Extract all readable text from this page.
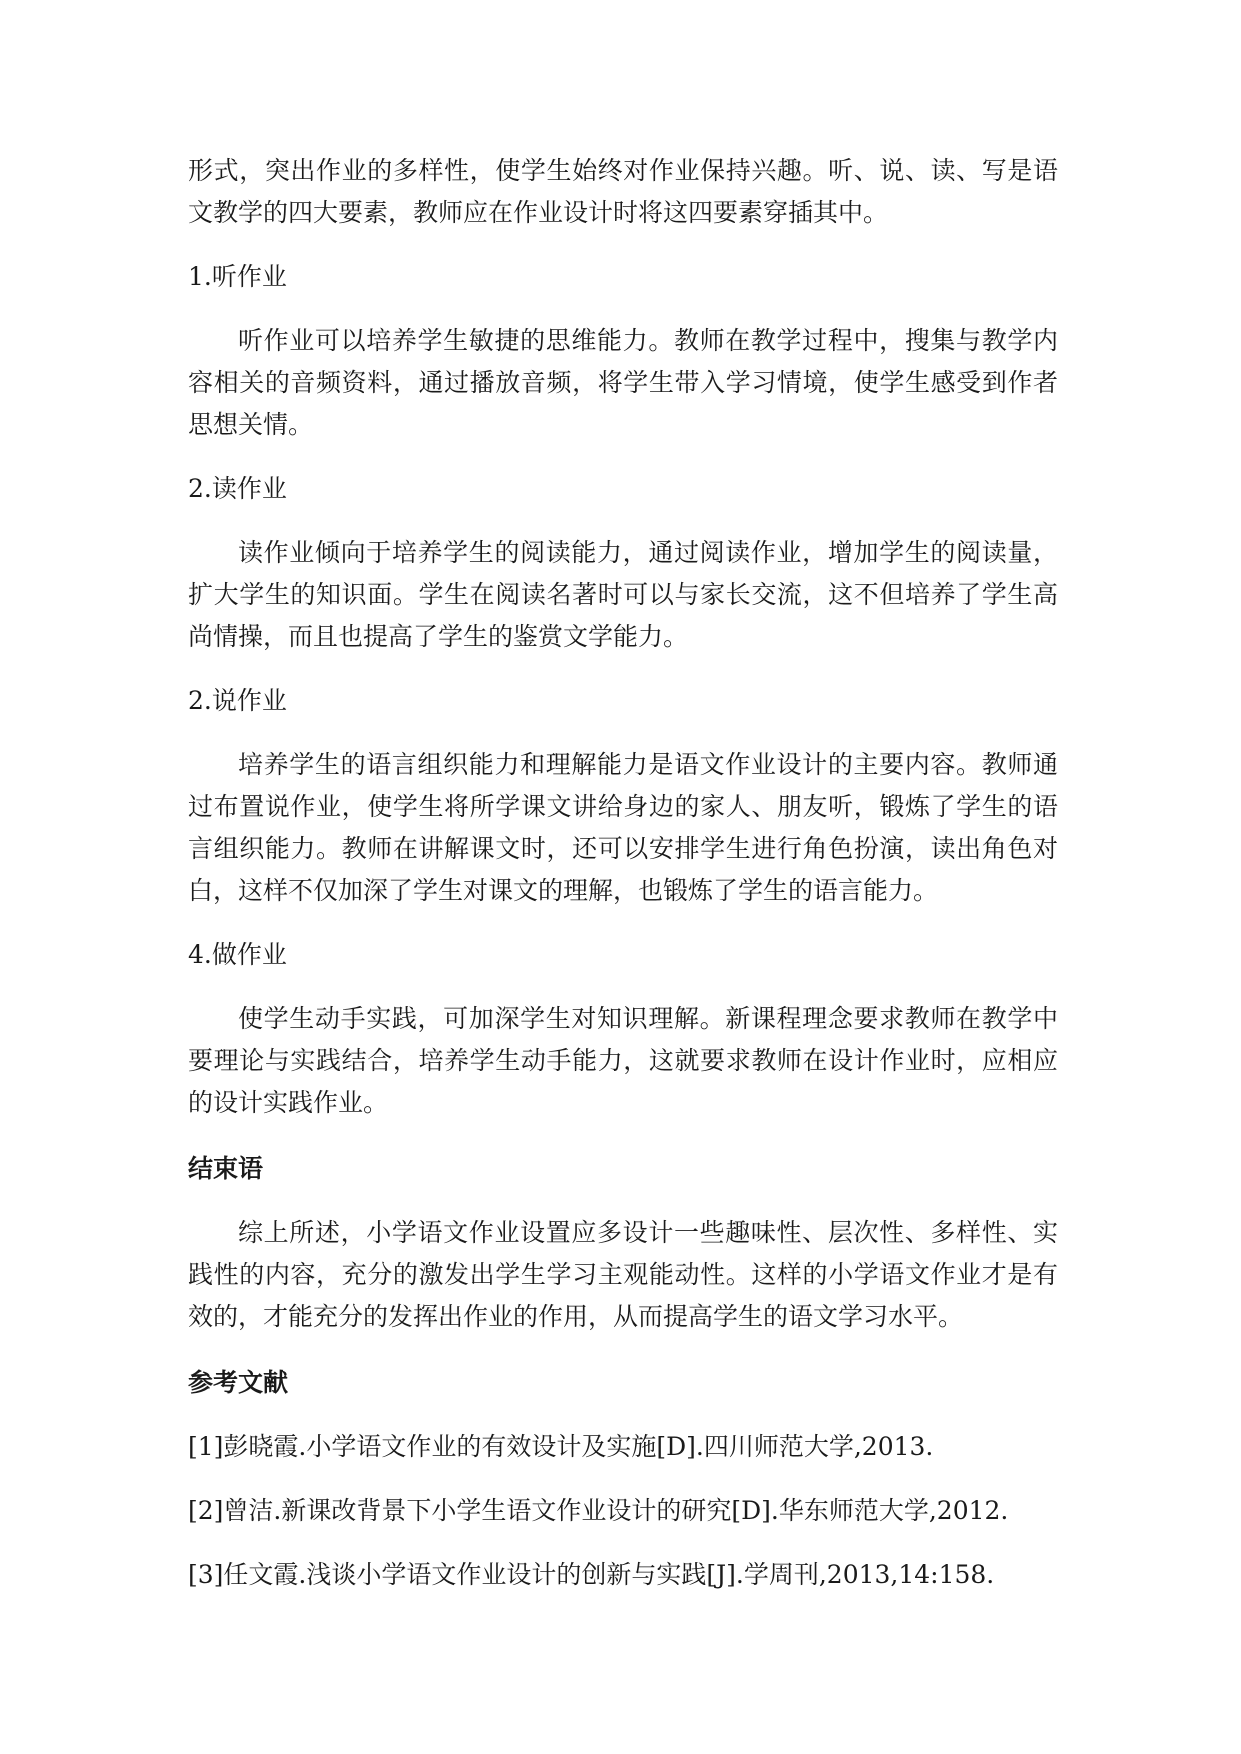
形式，突出作业的多样性，使学生始终对作业保持兴趣。听、说、读、写是语文教学的四大要素，教师应在作业设计时将这四要素穿插其中。

1.听作业

听作业可以培养学生敏捷的思维能力。教师在教学过程中，搜集与教学内容相关的音频资料，通过播放音频，将学生带入学习情境，使学生感受到作者思想关情。

2.读作业

读作业倾向于培养学生的阅读能力，通过阅读作业，增加学生的阅读量，扩大学生的知识面。学生在阅读名著时可以与家长交流，这不但培养了学生高尚情操，而且也提高了学生的鉴赏文学能力。

2.说作业

培养学生的语言组织能力和理解能力是语文作业设计的主要内容。教师通过布置说作业，使学生将所学课文讲给身边的家人、朋友听，锻炼了学生的语言组织能力。教师在讲解课文时，还可以安排学生进行角色扮演，读出角色对白，这样不仅加深了学生对课文的理解，也锻炼了学生的语言能力。

4.做作业

使学生动手实践，可加深学生对知识理解。新课程理念要求教师在教学中要理论与实践结合，培养学生动手能力，这就要求教师在设计作业时，应相应的设计实践作业。

结束语

综上所述，小学语文作业设置应多设计一些趣味性、层次性、多样性、实践性的内容，充分的激发出学生学习主观能动性。这样的小学语文作业才是有效的，才能充分的发挥出作业的作用，从而提高学生的语文学习水平。

参考文献

[1]彭晓霞.小学语文作业的有效设计及实施[D].四川师范大学,2013.

[2]曾洁.新课改背景下小学生语文作业设计的研究[D].华东师范大学,2012.

[3]任文霞.浅谈小学语文作业设计的创新与实践[J].学周刊,2013,14:158.
